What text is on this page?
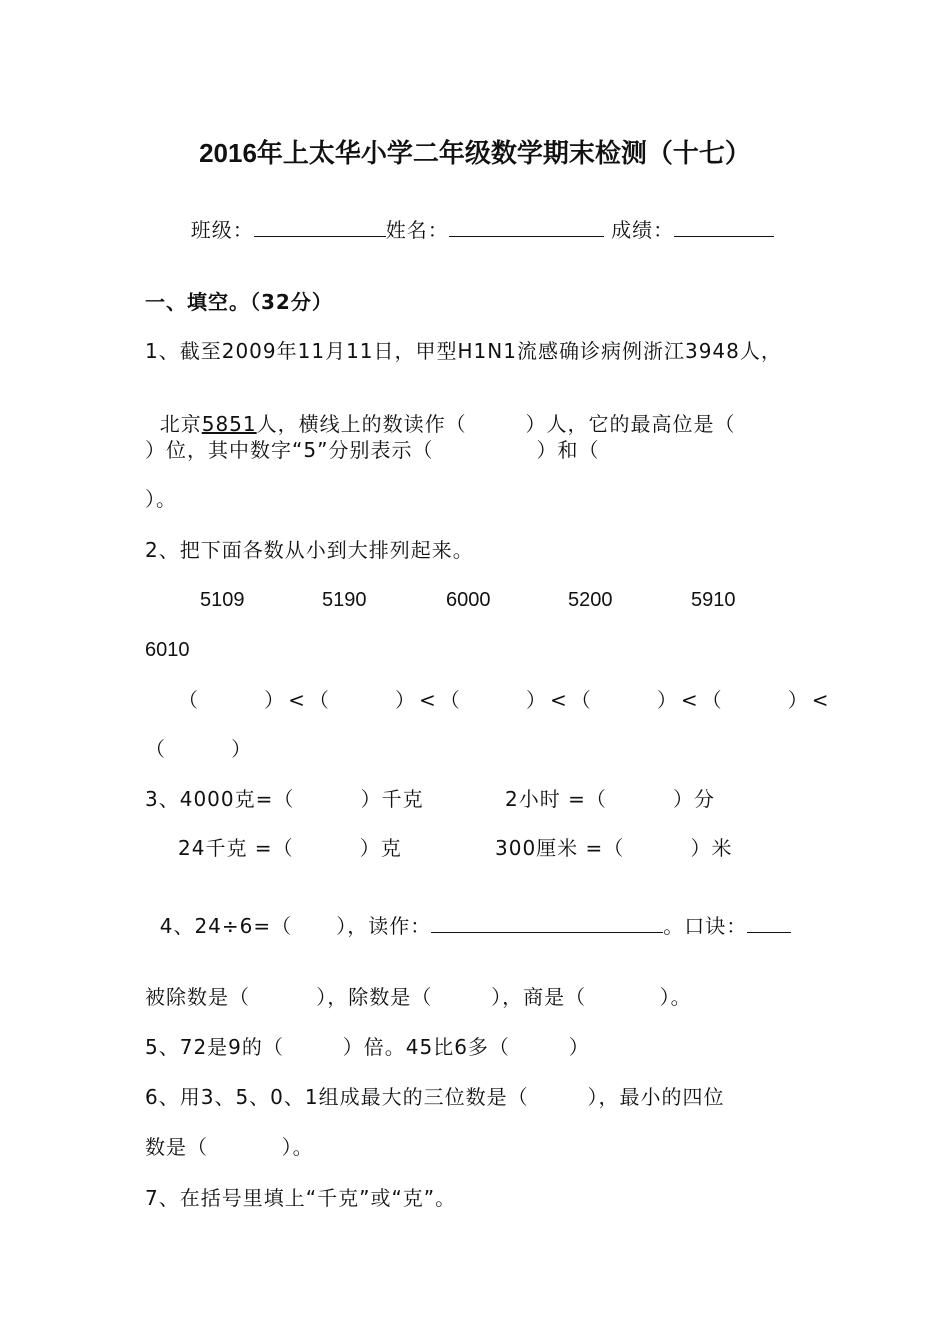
2016年上太华小学二年级数学期末检测（十七）

班级：	姓名：	成绩：

一、填空。（32分）
1、截至2009年11月11日，甲型H1N1流感确诊病例浙江3948人，

北京5851人，横线上的数读作（        ）人，它的最高位是（

）位，其中数字“5”分别表示（              ）和（
）。
2、把下面各数从小到大排列起来。
5109	5190	6000	5200	5910
6010
（      ）<（      ）<（      ）<（      ）<（      ）<
（      ）
3、4000克=（         ）千克	2小时 =（         ）分
24千克 =（         ）克	300厘米 =（         ）米

4、24÷6=（      ），读作：	。口诀：

被除数是（         ），除数是（        ），商是（          ）。
5、72是9的（        ）倍。45比6多（        ）
6、用3、5、0、1组成最大的三位数是（        ），最小的四位
数是（          ）。
7、在括号里填上“千克”或“克”。
